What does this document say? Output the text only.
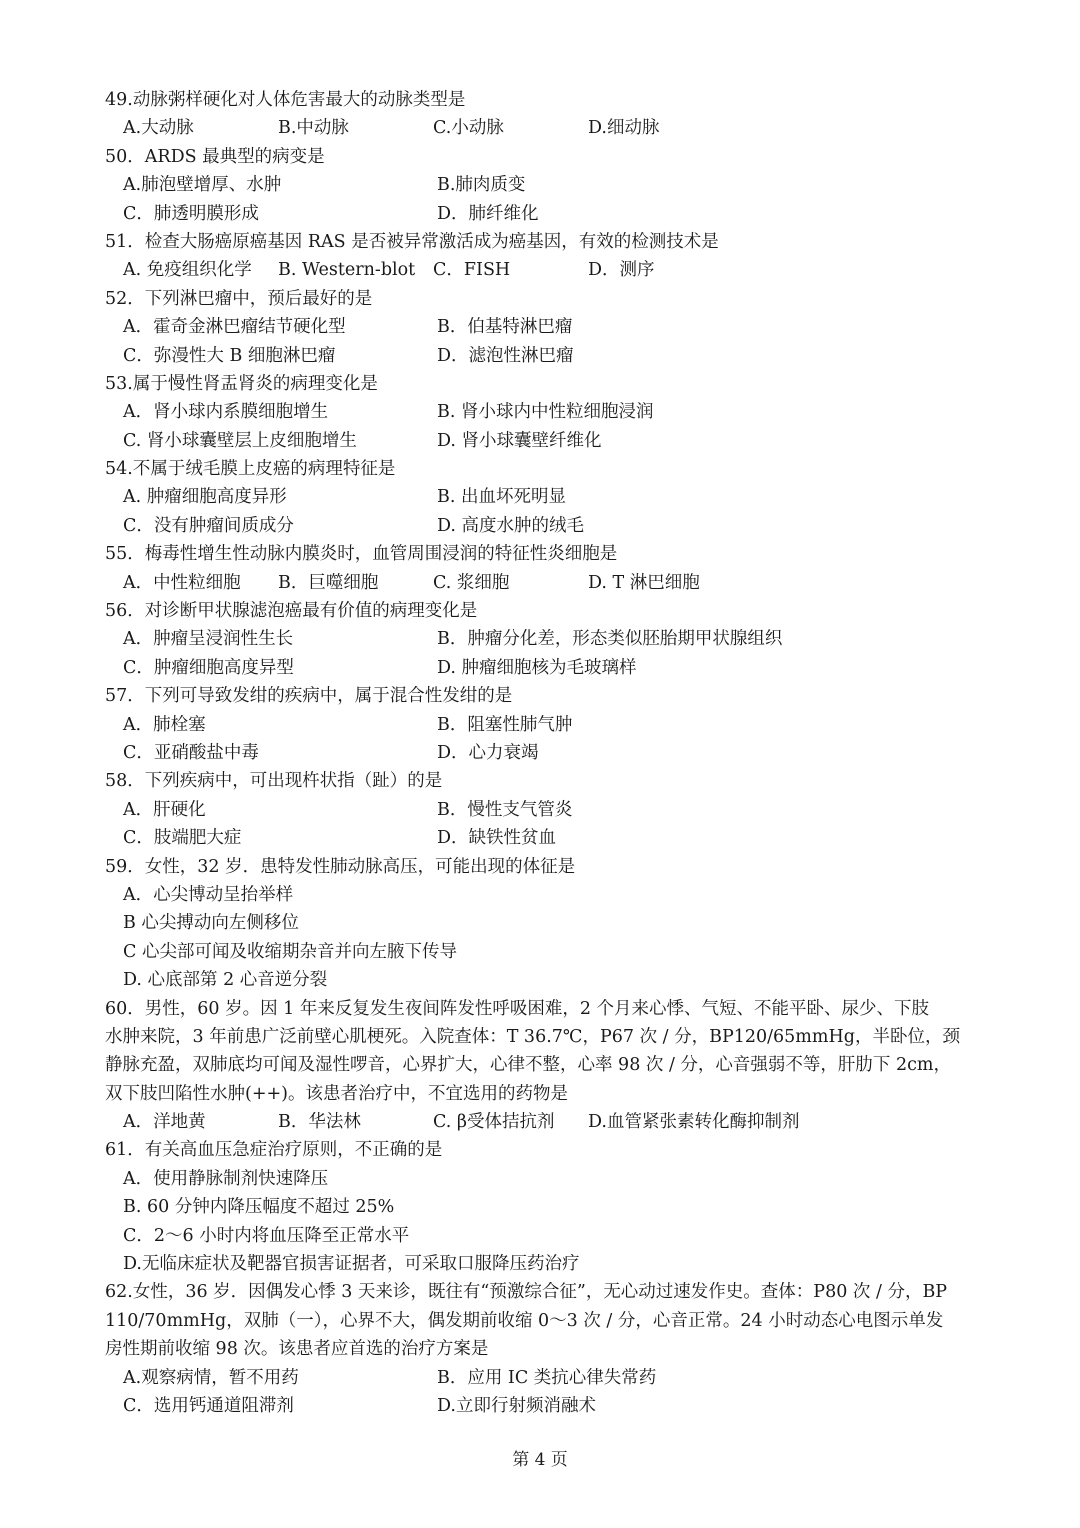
49.动脉粥样硬化对人体危害最大的动脉类型是
A.大动脉	B.中动脉	C.小动脉	D.细动脉
50．ARDS 最典型的病变是
A.肺泡壁增厚、水肿	B.肺肉质变
C．肺透明膜形成	D．肺纤维化
51．检查大肠癌原癌基因 RAS 是否被异常激活成为癌基因，有效的检测技术是
A. 免疫组织化学 B. Western-blot C．FISH	D．测序
52．下列淋巴瘤中，预后最好的是
A．霍奇金淋巴瘤结节硬化型	B．伯基特淋巴瘤
C．弥漫性大 B 细胞淋巴瘤	D．滤泡性淋巴瘤
53.属于慢性肾盂肾炎的病理变化是
A．肾小球内系膜细胞增生	B. 肾小球内中性粒细胞浸润
C. 肾小球囊壁层上皮细胞增生	D. 肾小球囊壁纤维化
54.不属于绒毛膜上皮癌的病理特征是
A. 肿瘤细胞高度异形	B. 出血坏死明显
C．没有肿瘤间质成分	D. 高度水肿的绒毛
55．梅毒性增生性动脉内膜炎时，血管周围浸润的特征性炎细胞是
A．中性粒细胞 B．巨噬细胞	C. 浆细胞	D. T 淋巴细胞
56．对诊断甲状腺滤泡癌最有价值的病理变化是
A．肿瘤呈浸润性生长	B．肿瘤分化差，形态类似胚胎期甲状腺组织
C．肿瘤细胞高度异型	D. 肿瘤细胞核为毛玻璃样
57．下列可导致发绀的疾病中，属于混合性发绀的是
A．肺栓塞	B．阻塞性肺气肿
C．亚硝酸盐中毒	D．心力衰竭
58．下列疾病中，可出现杵状指（趾）的是
A．肝硬化	B．慢性支气管炎
C．肢端肥大症	D．缺铁性贫血
59．女性，32 岁．患特发性肺动脉高压，可能出现的体征是
A．心尖博动呈抬举样
B 心尖搏动向左侧移位
C 心尖部可闻及收缩期杂音并向左腋下传导
D. 心底部第 2 心音逆分裂
60．男性，60 岁。因 1 年来反复发生夜间阵发性呼吸困难，2 个月来心悸、气短、不能平卧、尿少、下肢
水肿来院，3 年前患广泛前壁心肌梗死。入院查体：T 36.7℃，P67 次 / 分，BP120/65mmHg，半卧位，颈
静脉充盈，双肺底均可闻及湿性啰音，心界扩大，心律不整，心率 98 次 / 分，心音强弱不等，肝肋下 2cm，
双下肢凹陷性水肿(++)。该患者治疗中，不宜选用的药物是
A．洋地黄	B．华法林	C. β受体拮抗剂 D.血管紧张素转化酶抑制剂
61．有关高血压急症治疗原则，不正确的是
A．使用静脉制剂快速降压
B. 60 分钟内降压幅度不超过 25%
C．2～6 小时内将血压降至正常水平
D.无临床症状及靶器官损害证据者，可采取口服降压药治疗
62.女性，36 岁．因偶发心悸 3 天来诊，既往有“预激综合征”，无心动过速发作史。查体：P80 次 / 分，BP
110/70mmHg，双肺（一），心界不大，偶发期前收缩 0～3 次 / 分，心音正常。24 小时动态心电图示单发
房性期前收缩 98 次。该患者应首选的治疗方案是
A.观察病情，暂不用药	B．应用 IC 类抗心律失常药
C．选用钙通道阻滞剂	D.立即行射频消融术
第 4 页
